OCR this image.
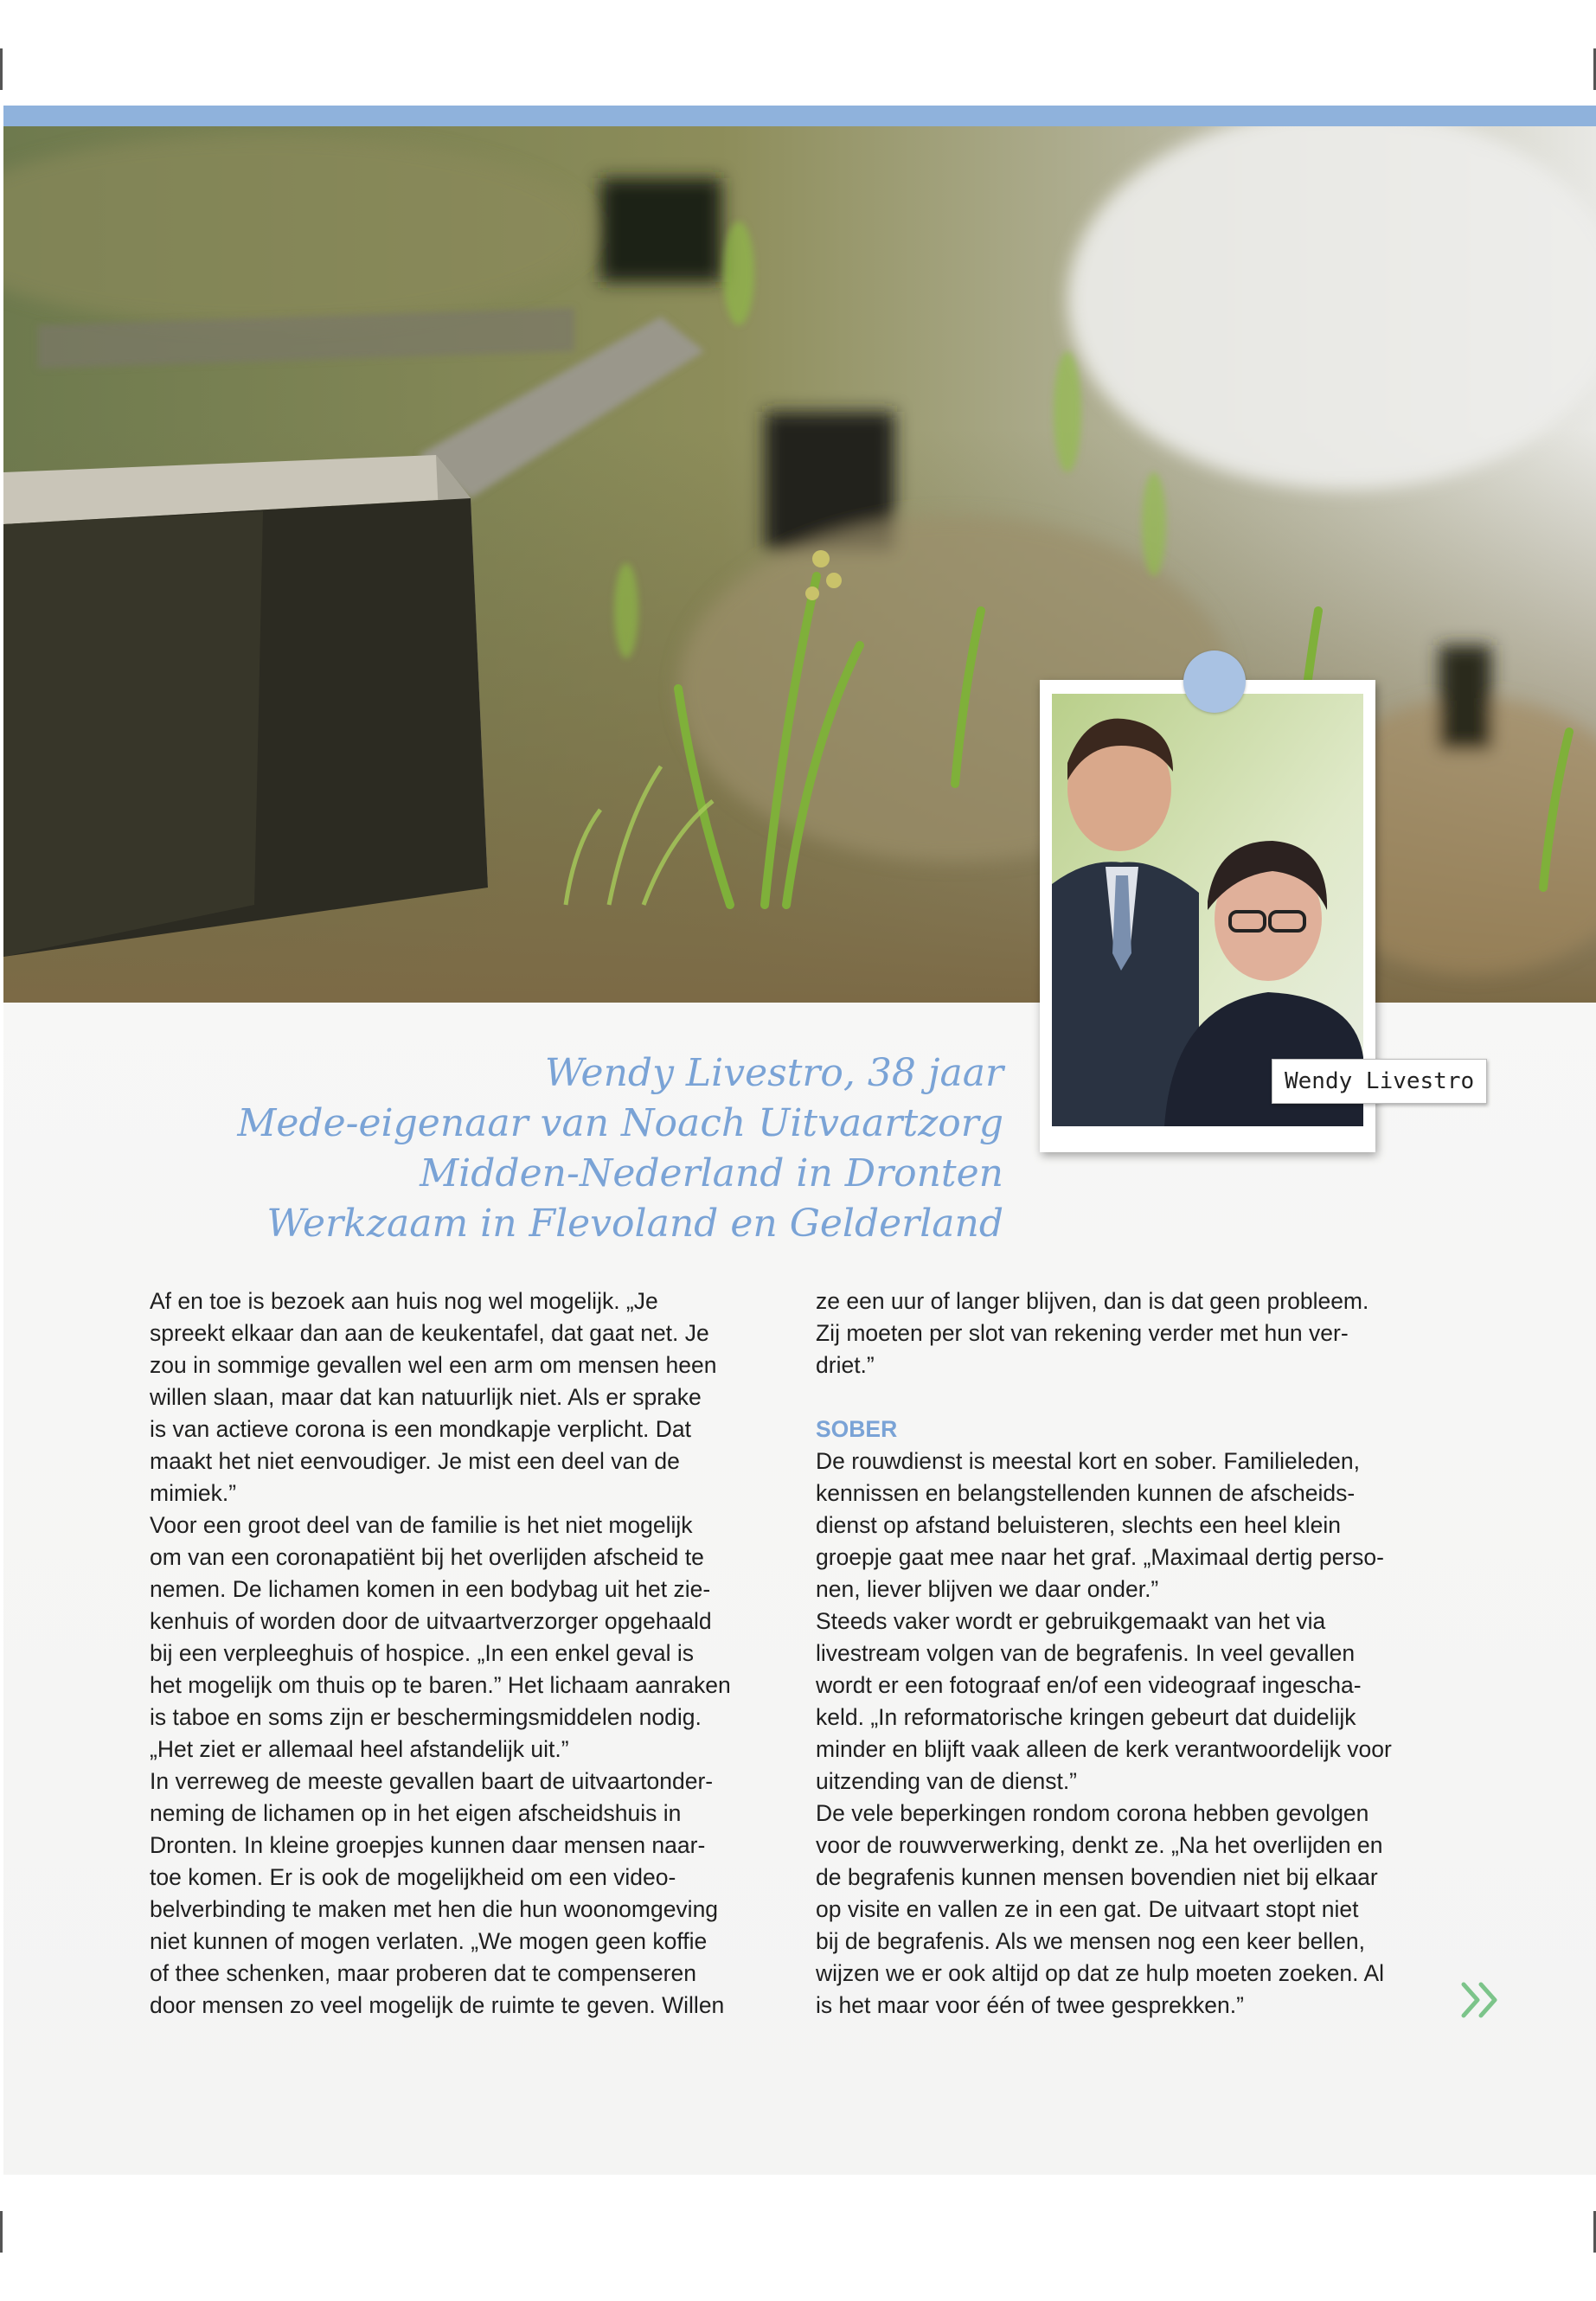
Wendy Livestro
Wendy Livestro, 38 jaar
Mede-eigenaar van Noach Uitvaartzorg
Midden-Nederland in Dronten
Werkzaam in Flevoland en Gelderland
Af en toe is bezoek aan huis nog wel mogelijk. „Je
spreekt elkaar dan aan de keukentafel, dat gaat net. Je
zou in sommige gevallen wel een arm om mensen heen
willen slaan, maar dat kan natuurlijk niet. Als er sprake
is van actieve corona is een mondkapje verplicht. Dat
maakt het niet eenvoudiger. Je mist een deel van de
mimiek.”
Voor een groot deel van de familie is het niet mogelijk
om van een coronapatiënt bij het overlijden afscheid te
nemen. De lichamen komen in een bodybag uit het zie-
kenhuis of worden door de uitvaartverzorger opgehaald
bij een verpleeghuis of hospice. „In een enkel geval is
het mogelijk om thuis op te baren.” Het lichaam aanraken
is taboe en soms zijn er beschermingsmiddelen nodig.
„Het ziet er allemaal heel afstandelijk uit.”
In verreweg de meeste gevallen baart de uitvaartonder-
neming de lichamen op in het eigen afscheidshuis in
Dronten. In kleine groepjes kunnen daar mensen naar-
toe komen. Er is ook de mogelijkheid om een video-
belverbinding te maken met hen die hun woonomgeving
niet kunnen of mogen verlaten. „We mogen geen koffie
of thee schenken, maar proberen dat te compenseren
door mensen zo veel mogelijk de ruimte te geven. Willen
ze een uur of langer blijven, dan is dat geen probleem.
Zij moeten per slot van rekening verder met hun ver-
driet.”

SOBER

De rouwdienst is meestal kort en sober. Familieleden,
kennissen en belangstellenden kunnen de afscheids-
dienst op afstand beluisteren, slechts een heel klein
groepje gaat mee naar het graf. „Maximaal dertig perso-
nen, liever blijven we daar onder.”
Steeds vaker wordt er gebruikgemaakt van het via
livestream volgen van de begrafenis. In veel gevallen
wordt er een fotograaf en/of een videograaf ingescha-
keld. „In reformatorische kringen gebeurt dat duidelijk
minder en blijft vaak alleen de kerk verantwoordelijk voor
uitzending van de dienst.”
De vele beperkingen rondom corona hebben gevolgen
voor de rouwverwerking, denkt ze. „Na het overlijden en
de begrafenis kunnen mensen bovendien niet bij elkaar
op visite en vallen ze in een gat. De uitvaart stopt niet
bij de begrafenis. Als we mensen nog een keer bellen,
wijzen we er ook altijd op dat ze hulp moeten zoeken. Al
is het maar voor één of twee gesprekken.”
